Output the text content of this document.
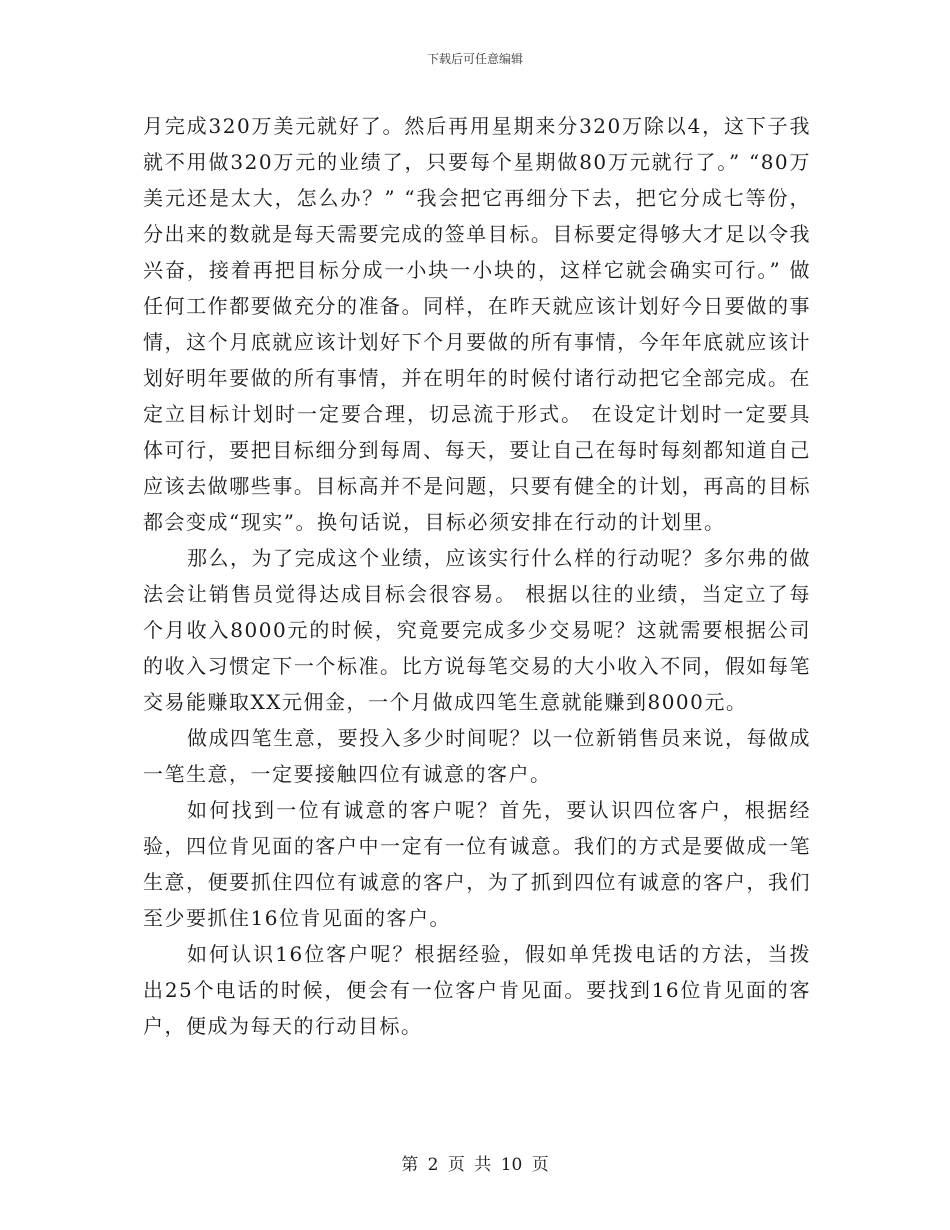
下载后可任意编辑

月完成320万美元就好了。然后再用星期来分320万除以4，这下子我就不用做320万元的业绩了，只要每个星期做80万元就行了。” “80万美元还是太大，怎么办？” “我会把它再细分下去，把它分成七等份，分出来的数就是每天需要完成的签单目标。目标要定得够大才足以令我兴奋，接着再把目标分成一小块一小块的，这样它就会确实可行。” 做任何工作都要做充分的准备。同样，在昨天就应该计划好今日要做的事情，这个月底就应该计划好下个月要做的所有事情，今年年底就应该计划好明年要做的所有事情，并在明年的时候付诸行动把它全部完成。在定立目标计划时一定要合理，切忌流于形式。 在设定计划时一定要具体可行，要把目标细分到每周、每天，要让自己在每时每刻都知道自己应该去做哪些事。目标高并不是问题，只要有健全的计划，再高的目标都会变成“现实”。换句话说，目标必须安排在行动的计划里。

那么，为了完成这个业绩，应该实行什么样的行动呢？多尔弗的做法会让销售员觉得达成目标会很容易。 根据以往的业绩，当定立了每个月收入8000元的时候，究竟要完成多少交易呢？这就需要根据公司的收入习惯定下一个标准。比方说每笔交易的大小收入不同，假如每笔交易能赚取XX元佣金，一个月做成四笔生意就能赚到8000元。

做成四笔生意，要投入多少时间呢？以一位新销售员来说，每做成一笔生意，一定要接触四位有诚意的客户。

如何找到一位有诚意的客户呢？首先，要认识四位客户，根据经验，四位肯见面的客户中一定有一位有诚意。我们的方式是要做成一笔生意，便要抓住四位有诚意的客户，为了抓到四位有诚意的客户，我们至少要抓住16位肯见面的客户。

如何认识16位客户呢？根据经验，假如单凭拨电话的方法，当拨出25个电话的时候，便会有一位客户肯见面。要找到16位肯见面的客户，便成为每天的行动目标。

第 2 页 共 10 页
